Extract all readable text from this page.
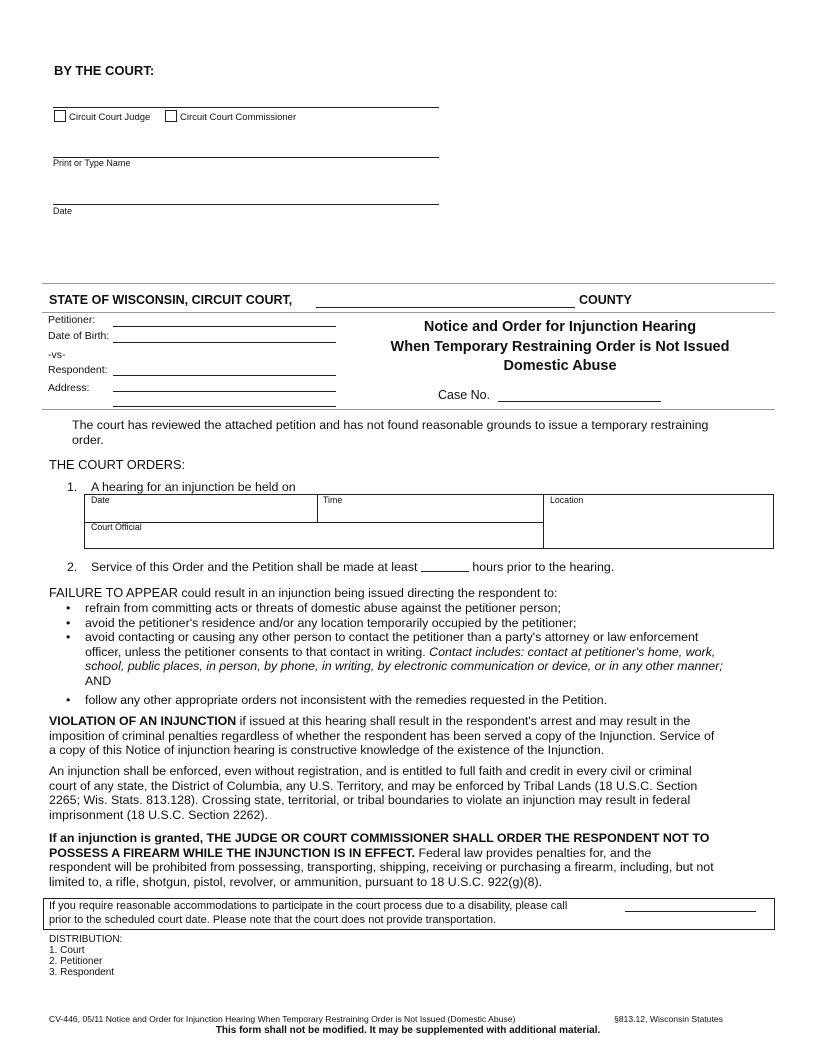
BY THE COURT:
Circuit Court Judge	Circuit Court Commissioner
Print or Type Name
Date
STATE OF WISCONSIN, CIRCUIT COURT,	COUNTY
Petitioner:
Date of Birth:
-vs-
Respondent:
Address:
Notice and Order for Injunction Hearing
When Temporary Restraining Order is Not Issued
Domestic Abuse
Case No.
The court has reviewed the attached petition and has not found reasonable grounds to issue a temporary restraining
order.
THE COURT ORDERS:
1. A hearing for an injunction be held on
Date	Time	Location
Court Official
2. Service of this Order and the Petition shall be made at least	hours prior to the hearing.
FAILURE TO APPEAR could result in an injunction being issued directing the respondent to:
• refrain from committing acts or threats of domestic abuse against the petitioner person;
• avoid the petitioner's residence and/or any location temporarily occupied by the petitioner;
• avoid contacting or causing any other person to contact the petitioner than a party's attorney or law enforcement
officer, unless the petitioner consents to that contact in writing. Contact includes: contact at petitioner's home, work,
school, public places, in person, by phone, in writing, by electronic communication or device, or in any other manner;
AND
• follow any other appropriate orders not inconsistent with the remedies requested in the Petition.
VIOLATION OF AN INJUNCTION if issued at this hearing shall result in the respondent's arrest and may result in the
imposition of criminal penalties regardless of whether the respondent has been served a copy of the Injunction. Service of
a copy of this Notice of injunction hearing is constructive knowledge of the existence of the Injunction.
An injunction shall be enforced, even without registration, and is entitled to full faith and credit in every civil or criminal
court of any state, the District of Columbia, any U.S. Territory, and may be enforced by Tribal Lands (18 U.S.C. Section
2265; Wis. Stats. 813.128). Crossing state, territorial, or tribal boundaries to violate an injunction may result in federal
imprisonment (18 U.S.C. Section 2262).
If an injunction is granted, THE JUDGE OR COURT COMMISSIONER SHALL ORDER THE RESPONDENT NOT TO
POSSESS A FIREARM WHILE THE INJUNCTION IS IN EFFECT. Federal law provides penalties for, and the
respondent will be prohibited from possessing, transporting, shipping, receiving or purchasing a firearm, including, but not
limited to, a rifle, shotgun, pistol, revolver, or ammunition, pursuant to 18 U.S.C. 922(g)(8).
If you require reasonable accommodations to participate in the court process due to a disability, please call
prior to the scheduled court date. Please note that the court does not provide transportation.
DISTRIBUTION:
1. Court
2. Petitioner
3. Respondent
CV-446, 05/11 Notice and Order for Injunction Hearing When Temporary Restraining Order is Not Issued (Domestic Abuse)	§813.12, Wisconsin Statutes
This form shall not be modified. It may be supplemented with additional material.
